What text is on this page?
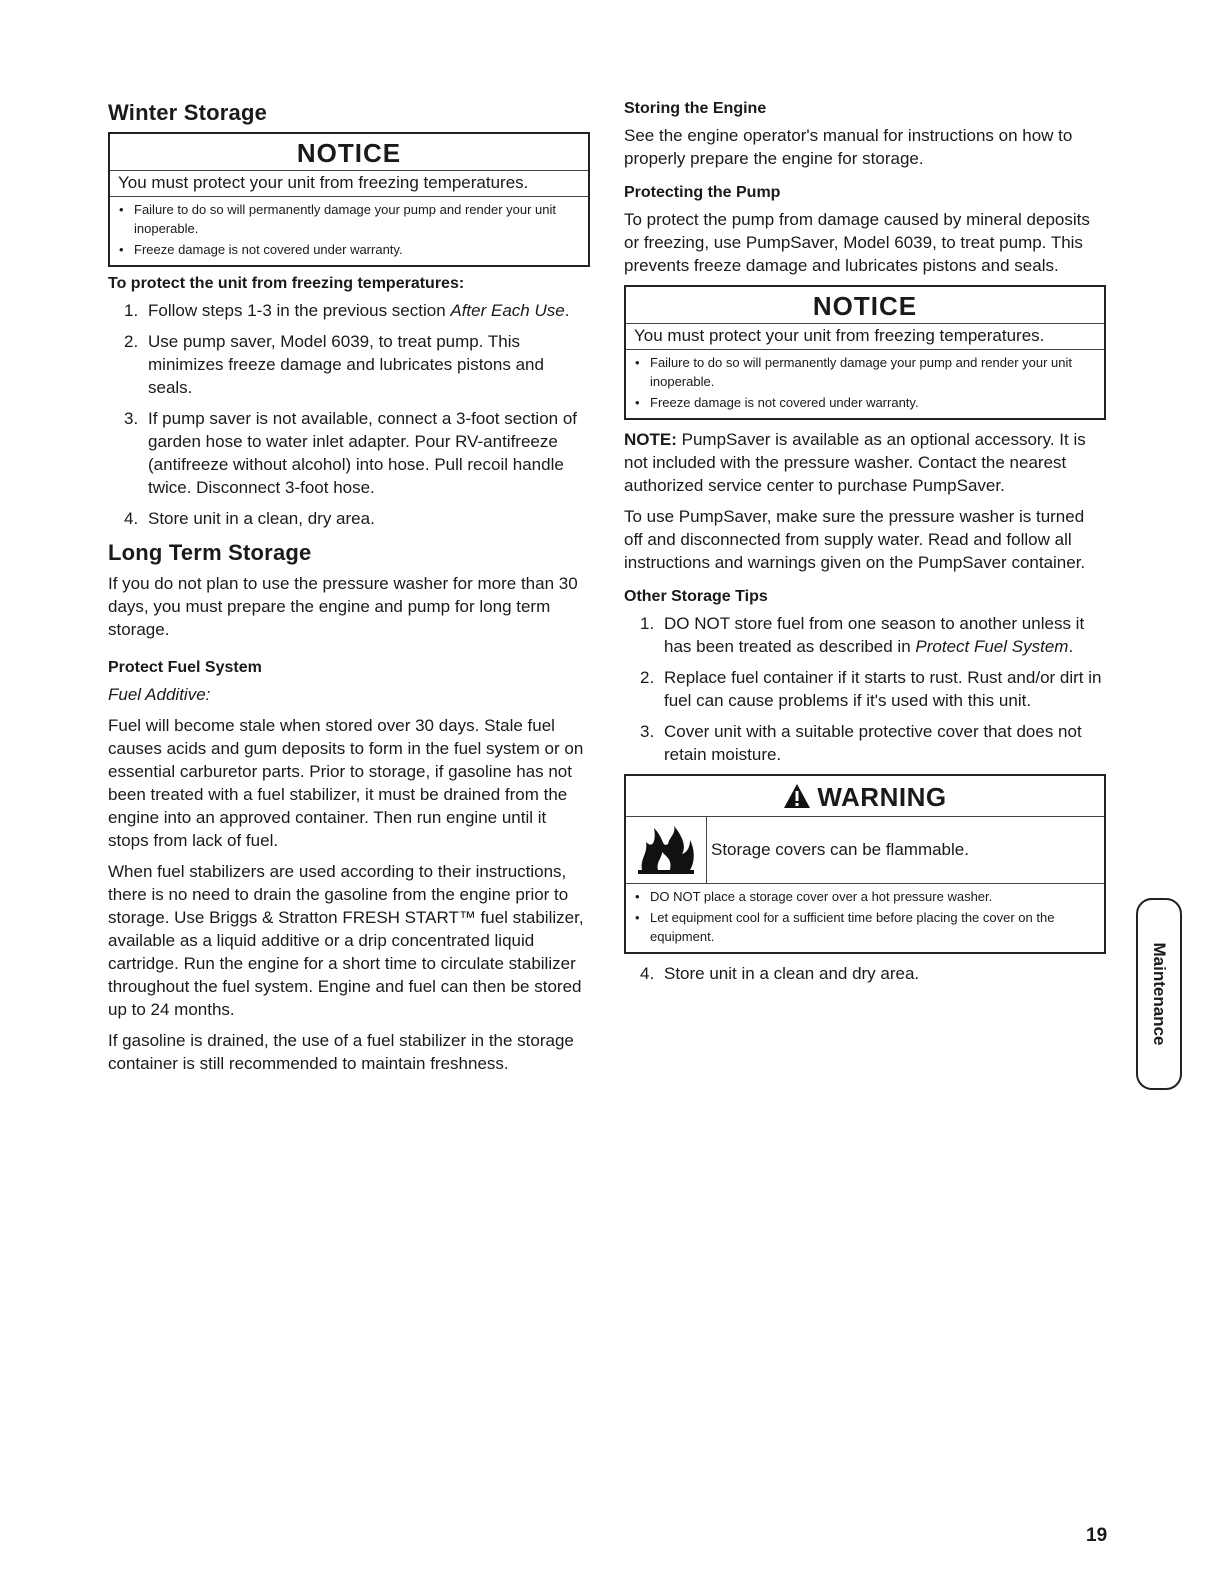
Winter Storage
NOTICE
You must protect your unit from freezing temperatures.
• Failure to do so will permanently damage your pump and render your unit inoperable.
• Freeze damage is not covered under warranty.
To protect the unit from freezing temperatures:
1. Follow steps 1-3 in the previous section After Each Use.
2. Use pump saver, Model 6039, to treat pump. This minimizes freeze damage and lubricates pistons and seals.
3. If pump saver is not available, connect a 3-foot section of garden hose to water inlet adapter. Pour RV-antifreeze (antifreeze without alcohol) into hose. Pull recoil handle twice. Disconnect 3-foot hose.
4. Store unit in a clean, dry area.
Long Term Storage

If you do not plan to use the pressure washer for more than 30 days, you must prepare the engine and pump for long term storage.

Protect Fuel System

Fuel Additive:

Fuel will become stale when stored over 30 days. Stale fuel causes acids and gum deposits to form in the fuel system or on essential carburetor parts. Prior to storage, if gasoline has not been treated with a fuel stabilizer, it must be drained from the engine into an approved container. Then run engine until it stops from lack of fuel.

When fuel stabilizers are used according to their instructions, there is no need to drain the gasoline from the engine prior to storage. Use Briggs & Stratton FRESH START™ fuel stabilizer, available as a liquid additive or a drip concentrated liquid cartridge. Run the engine for a short time to circulate stabilizer throughout the fuel system. Engine and fuel can then be stored up to 24 months.

If gasoline is drained, the use of a fuel stabilizer in the storage container is still recommended to maintain freshness.

Storing the Engine

See the engine operator's manual for instructions on how to properly prepare the engine for storage.

Protecting the Pump

To protect the pump from damage caused by mineral deposits or freezing, use PumpSaver, Model 6039, to treat pump. This prevents freeze damage and lubricates pistons and seals.

NOTICE
You must protect your unit from freezing temperatures.
• Failure to do so will permanently damage your pump and render your unit inoperable.
• Freeze damage is not covered under warranty.

NOTE: PumpSaver is available as an optional accessory. It is not included with the pressure washer. Contact the nearest authorized service center to purchase PumpSaver.

To use PumpSaver, make sure the pressure washer is turned off and disconnected from supply water. Read and follow all instructions and warnings given on the PumpSaver container.

Other Storage Tips
1. DO NOT store fuel from one season to another unless it has been treated as described in Protect Fuel System.
2. Replace fuel container if it starts to rust. Rust and/or dirt in fuel can cause problems if it's used with this unit.
3. Cover unit with a suitable protective cover that does not retain moisture.
WARNING
Storage covers can be flammable.
• DO NOT place a storage cover over a hot pressure washer.
• Let equipment cool for a sufficient time before placing the cover on the equipment.
4. Store unit in a clean and dry area.	Maintenance
19
